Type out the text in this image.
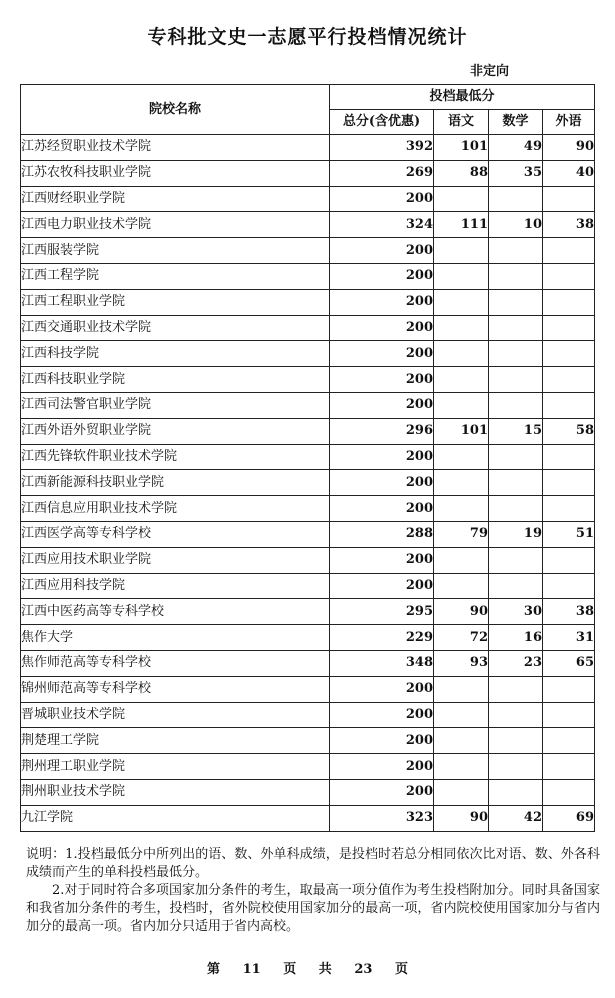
专科批文史一志愿平行投档情况统计
非定向
院校名称	投档最低分			
	总分(含优惠)	语文	数学	外语
江苏经贸职业技术学院	392	101	49	90
江苏农牧科技职业学院	269	88	35	40
江西财经职业学院	200			
江西电力职业技术学院	324	111	10	38
江西服装学院	200			
江西工程学院	200			
江西工程职业学院	200			
江西交通职业技术学院	200			
江西科技学院	200			
江西科技职业学院	200			
江西司法警官职业学院	200			
江西外语外贸职业学院	296	101	15	58
江西先锋软件职业技术学院	200			
江西新能源科技职业学院	200			
江西信息应用职业技术学院	200			
江西医学高等专科学校	288	79	19	51
江西应用技术职业学院	200			
江西应用科技学院	200			
江西中医药高等专科学校	295	90	30	38
焦作大学	229	72	16	31
焦作师范高等专科学校	348	93	23	65
锦州师范高等专科学校	200			
晋城职业技术学院	200			
荆楚理工学院	200			
荆州理工职业学院	200			
荆州职业技术学院	200			
九江学院	323	90	42	69

说明：1.投档最低分中所列出的语、数、外单科成绩，是投档时若总分相同依次比对语、数、外各科成绩而产生的单科投档最低分。

2.对于同时符合多项国家加分条件的考生，取最高一项分值作为考生投档附加分。同时具备国家和我省加分条件的考生，投档时，省外院校使用国家加分的最高一项，省内院校使用国家加分与省内加分的最高一项。省内加分只适用于省内高校。

第 11 页 共 23 页
